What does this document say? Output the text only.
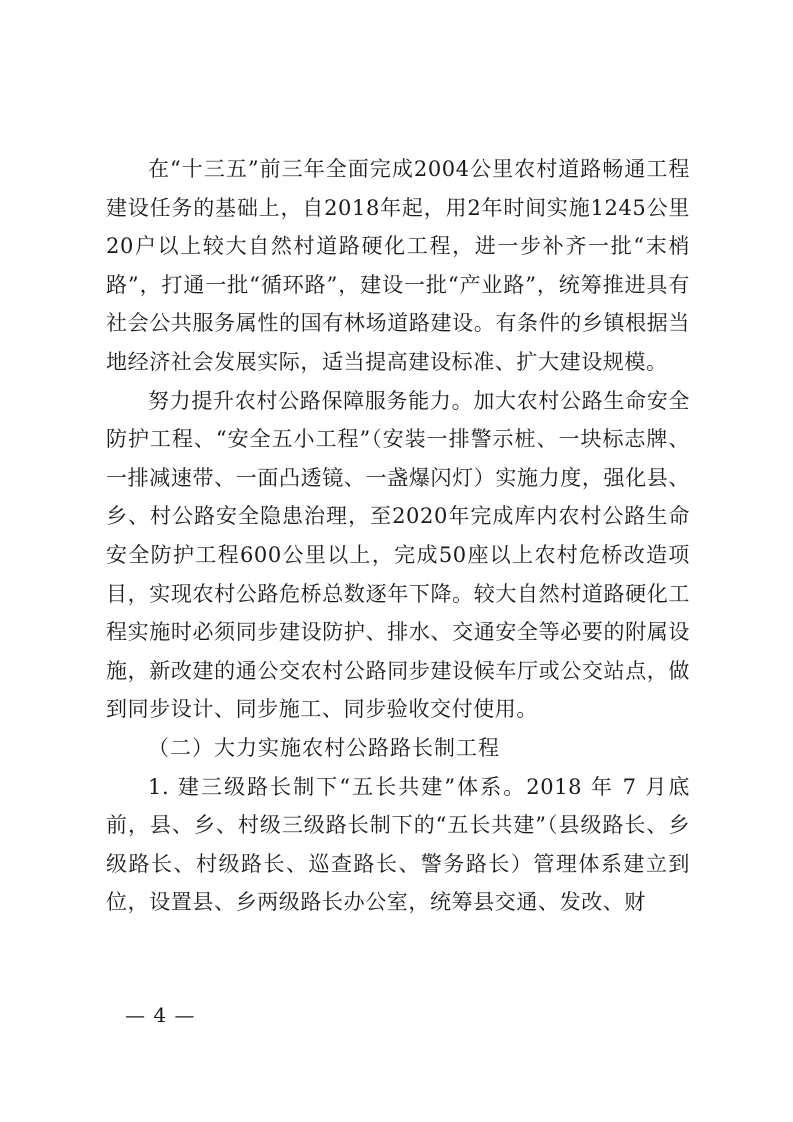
在“十三五”前三年全面完成2004公里农村道路畅通工程建设任务的基础上，自2018年起，用2年时间实施1245公里 20户以上较大自然村道路硬化工程，进一步补齐一批“末梢路”，打通一批“循环路”，建设一批“产业路”，统筹推进具有社会公共服务属性的国有林场道路建设。有条件的乡镇根据当地经济社会发展实际，适当提高建设标准、扩大建设规模。

努力提升农村公路保障服务能力。加大农村公路生命安全防护工程、“安全五小工程”（安装一排警示桩、一块标志牌、一排减速带、一面凸透镜、一盏爆闪灯）实施力度，强化县、乡、村公路安全隐患治理，至2020年完成库内农村公路生命安全防护工程600公里以上，完成50座以上农村危桥改造项目，实现农村公路危桥总数逐年下降。较大自然村道路硬化工程实施时必须同步建设防护、排水、交通安全等必要的附属设施，新改建的通公交农村公路同步建设候车厅或公交站点，做到同步设计、同步施工、同步验收交付使用。

（二）大力实施农村公路路长制工程

1. 建三级路长制下“五长共建”体系。2018 年 7 月底前，县、乡、村级三级路长制下的“五长共建”（县级路长、乡级路长、村级路长、巡查路长、警务路长）管理体系建立到位，设置县、乡两级路长办公室，统筹县交通、发改、财

— 4 —
